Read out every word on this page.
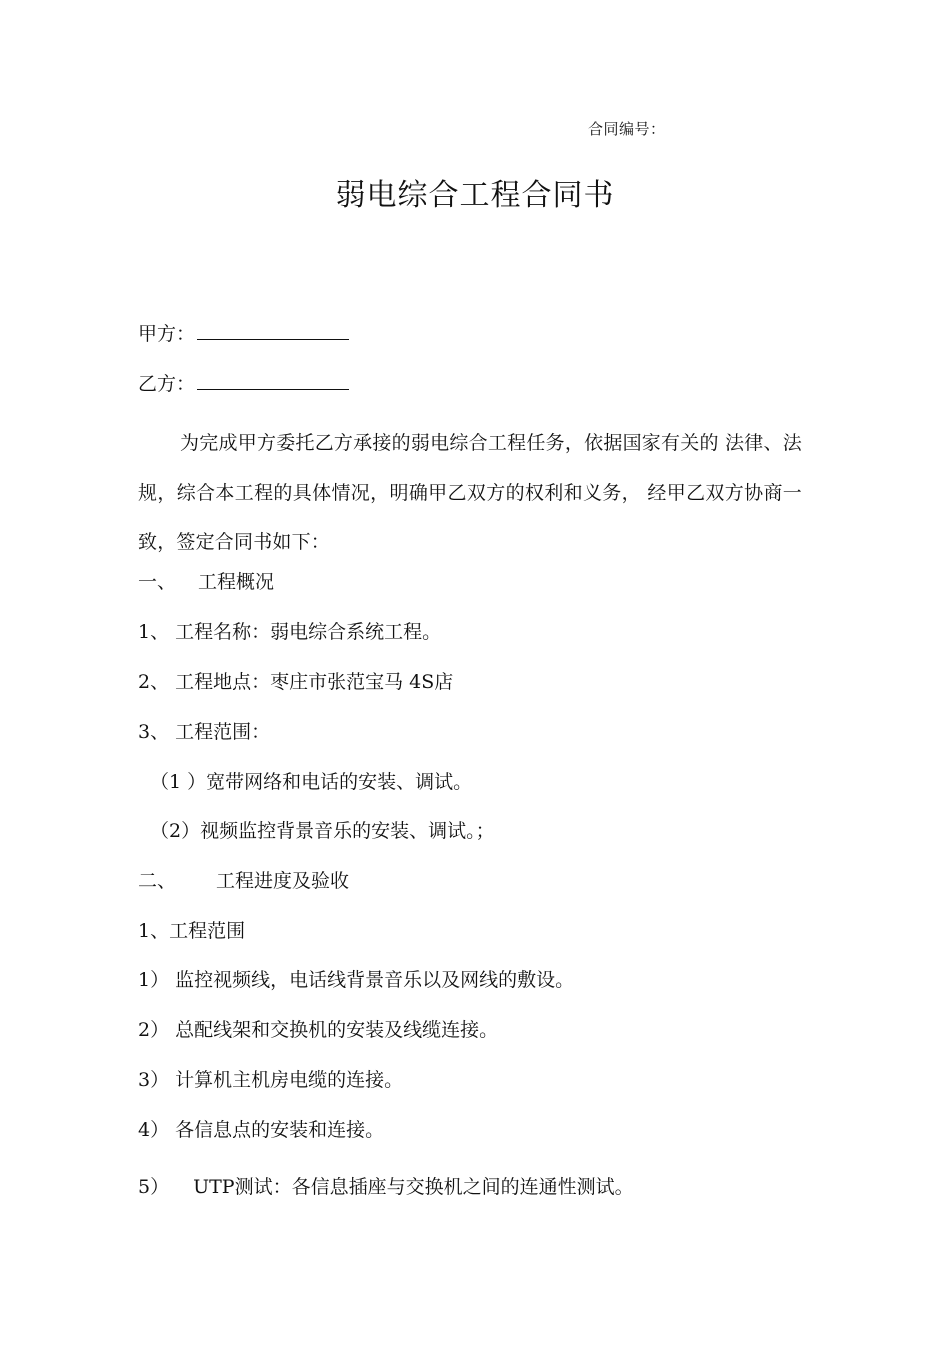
合同编号：
弱电综合工程合同书
甲方：
乙方：
为完成甲方委托乙方承接的弱电综合工程任务，依据国家有关的 法律、法规，综合本工程的具体情况，明确甲乙双方的权利和义务， 经甲乙双方协商一致，签定合同书如下：
一、 工程概况
1、 工程名称：弱电综合系统工程。
2、 工程地点：枣庄市张范宝马 4S店
3、 工程范围：
（1 ）宽带网络和电话的安装、调试。
（2）视频监控背景音乐的安装、调试。；
二、 工程进度及验收
1、工程范围
1） 监控视频线，电话线背景音乐以及网线的敷设。
2） 总配线架和交换机的安装及线缆连接。
3） 计算机主机房电缆的连接。
4） 各信息点的安装和连接。
5） UTP测试：各信息插座与交换机之间的连通性测试。
